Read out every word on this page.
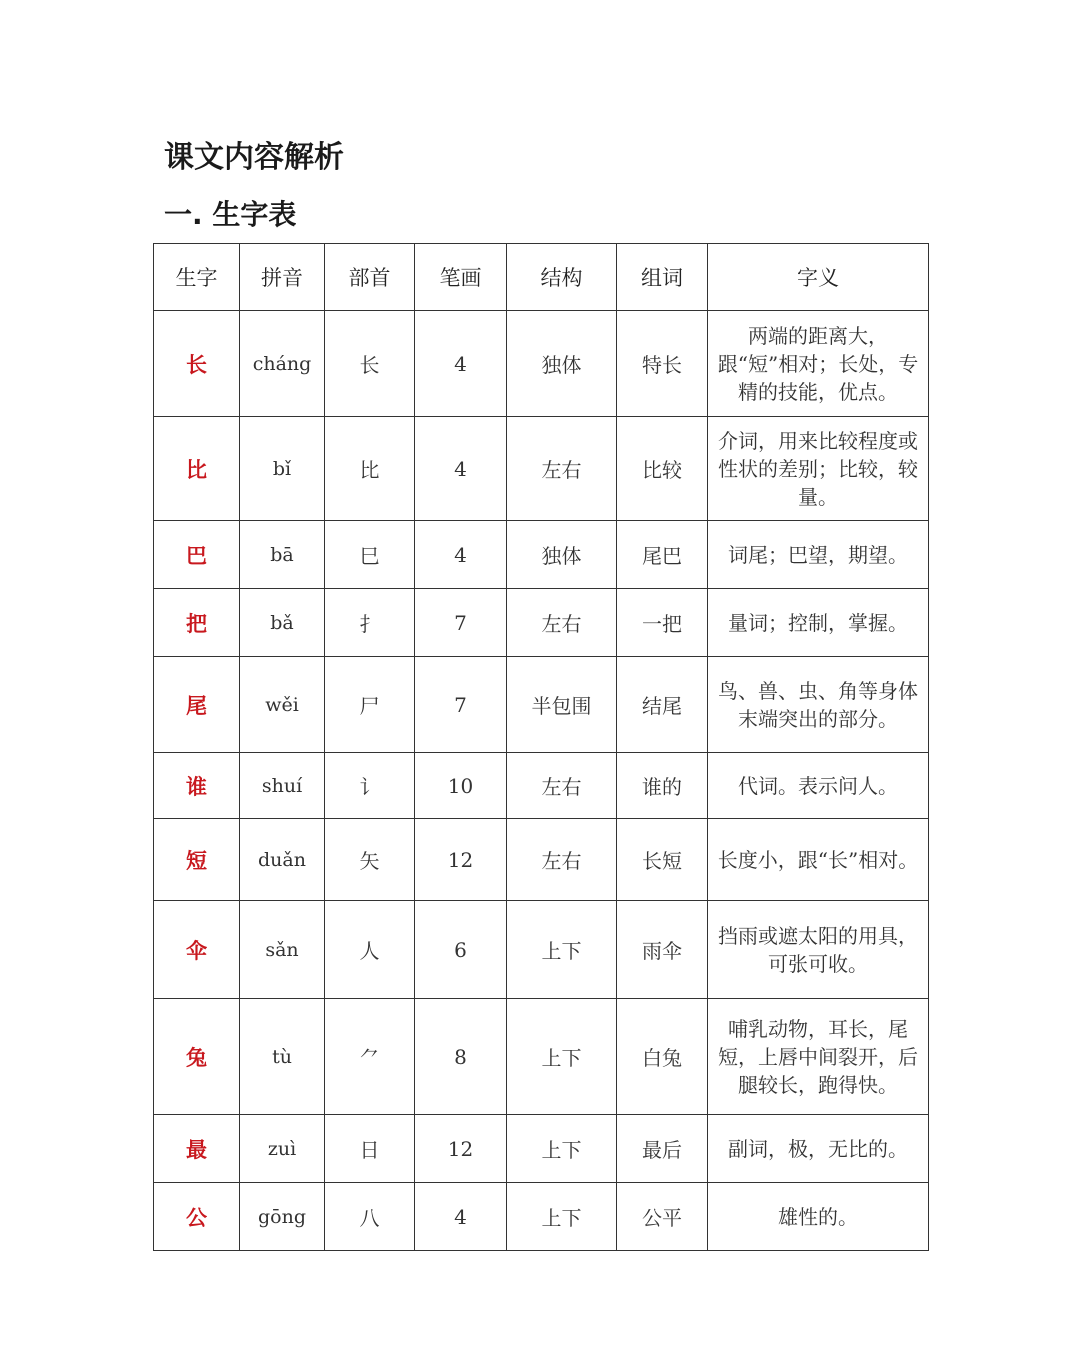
课文内容解析
一. 生字表
生字	拼音	部首	笔画	结构	组词	字义
长	cháng	长	4	独体	特长	两端的距离大，跟“短”相对；长处，专精的技能，优点。
比	bǐ	比	4	左右	比较	介词，用来比较程度或性状的差别；比较，较量。
巴	bā	巳	4	独体	尾巴	词尾；巴望，期望。
把	bǎ	扌	7	左右	一把	量词；控制，掌握。
尾	wěi	尸	7	半包围	结尾	鸟、兽、虫、角等身体末端突出的部分。
谁	shuí	讠	10	左右	谁的	代词。表示问人。
短	duǎn	矢	12	左右	长短	长度小，跟“长”相对。
伞	sǎn	人	6	上下	雨伞	挡雨或遮太阳的用具，可张可收。
兔	tù	⺈	8	上下	白兔	哺乳动物，耳长，尾短，上唇中间裂开，后腿较长，跑得快。
最	zuì	日	12	上下	最后	副词，极，无比的。
公	gōng	八	4	上下	公平	雄性的。
